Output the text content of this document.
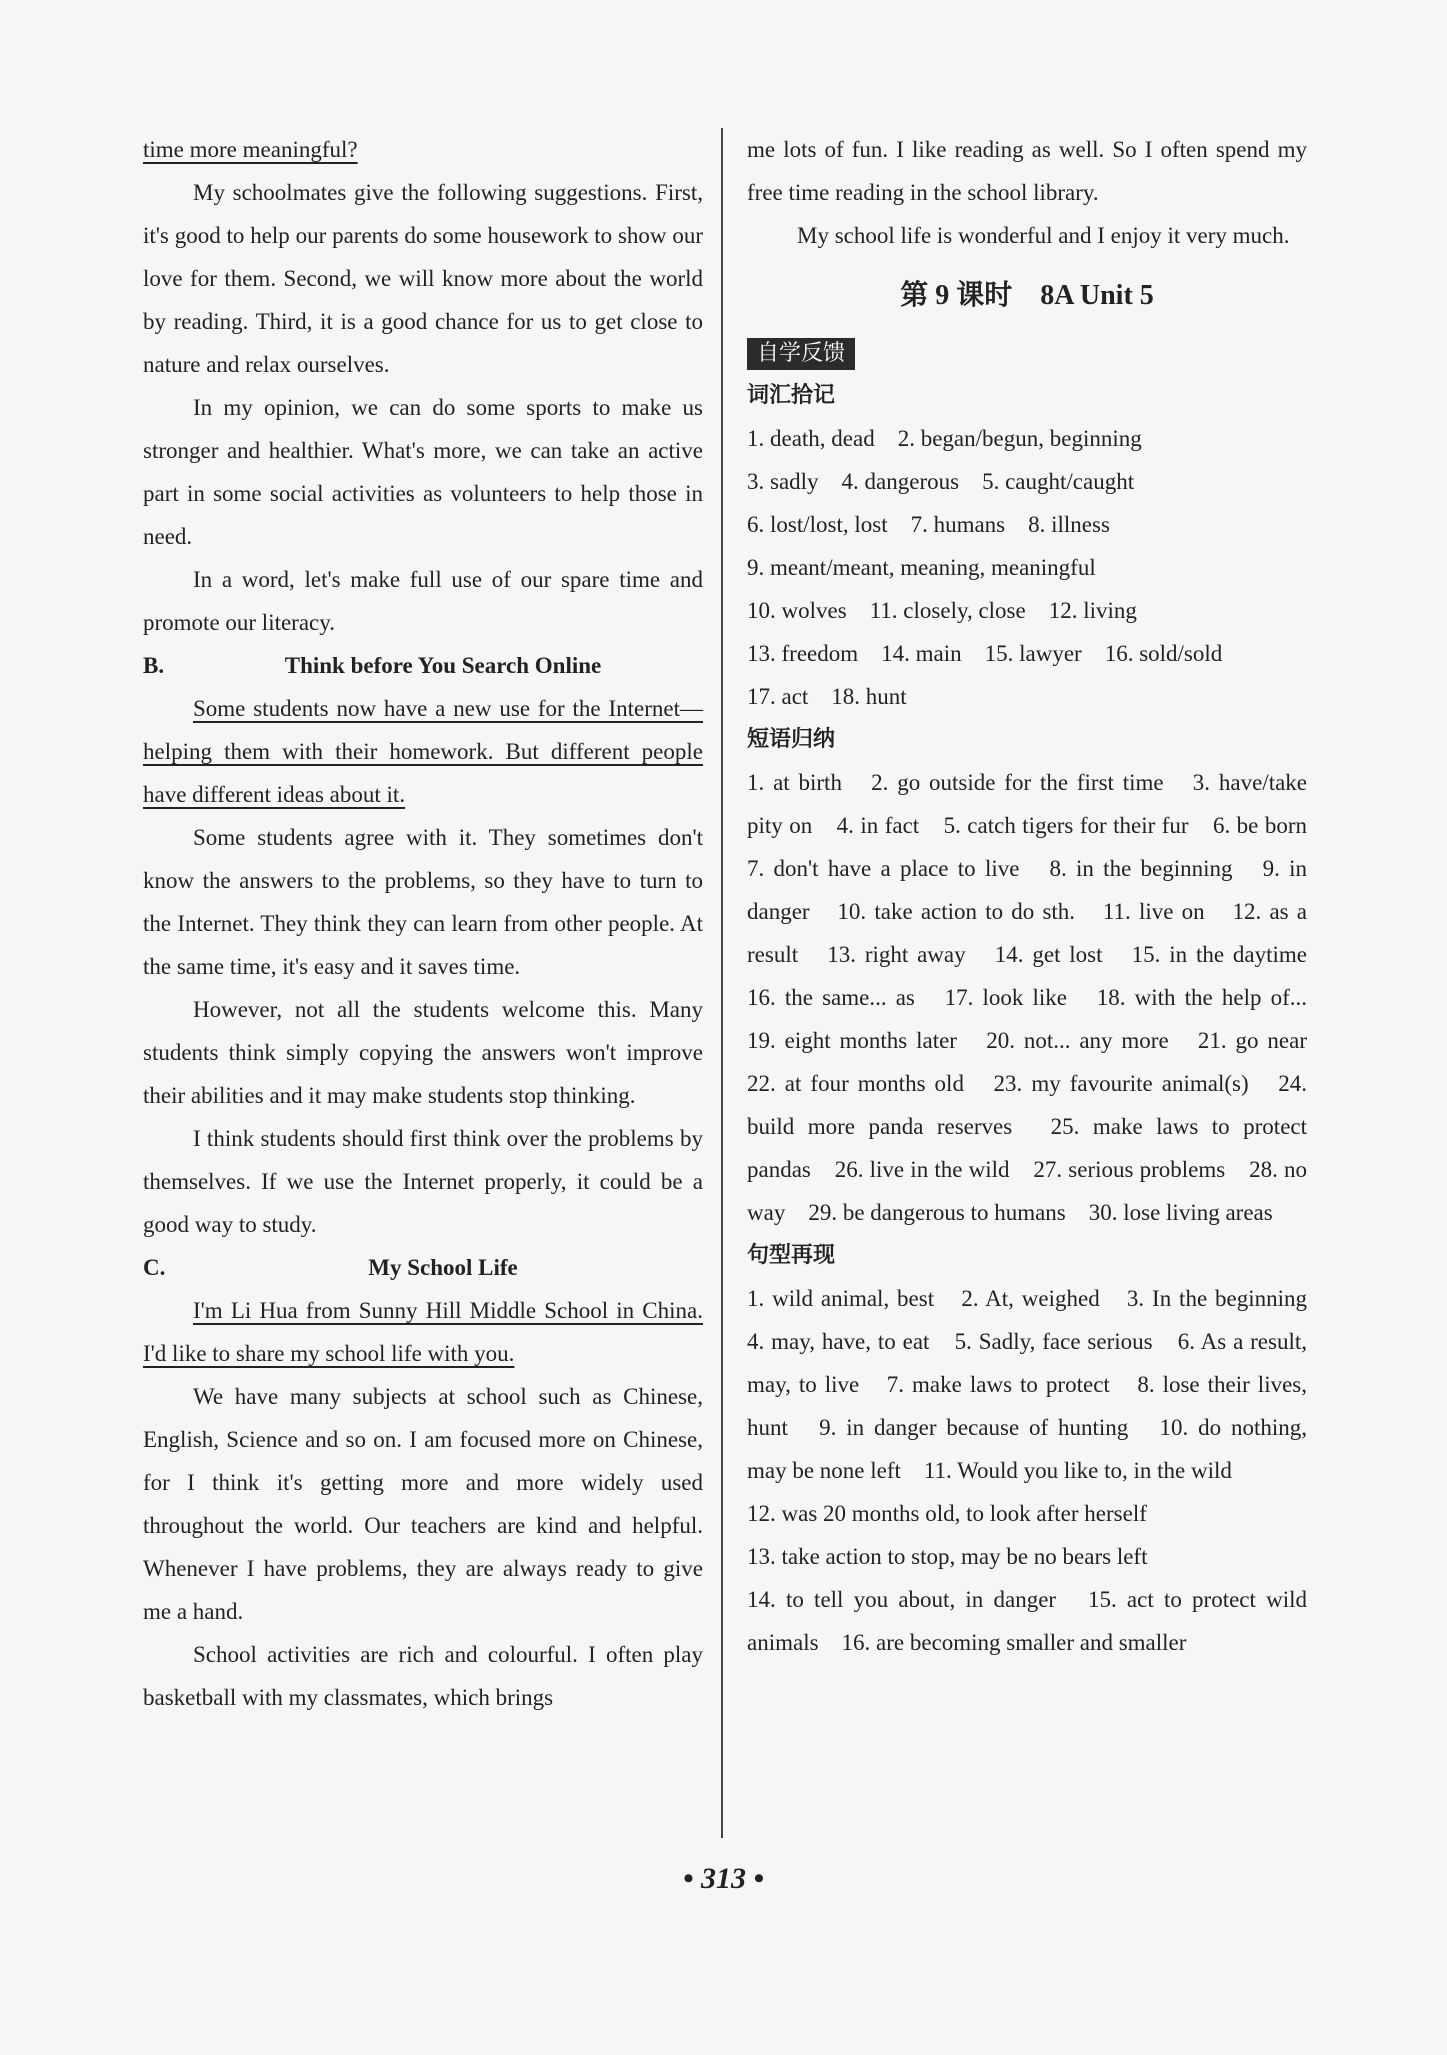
time more meaningful?

My schoolmates give the following suggestions. First, it's good to help our parents do some housework to show our love for them. Second, we will know more about the world by reading. Third, it is a good chance for us to get close to nature and relax ourselves.

In my opinion, we can do some sports to make us stronger and healthier. What's more, we can take an active part in some social activities as volunteers to help those in need.

In a word, let's make full use of our spare time and promote our literacy.

B.	Think before You Search Online

Some students now have a new use for the Internet—helping them with their homework. But different people have different ideas about it.

Some students agree with it. They sometimes don't know the answers to the problems, so they have to turn to the Internet. They think they can learn from other people. At the same time, it's easy and it saves time.

However, not all the students welcome this. Many students think simply copying the answers won't improve their abilities and it may make students stop thinking.

I think students should first think over the problems by themselves. If we use the Internet properly, it could be a good way to study.

C.	My School Life

I'm Li Hua from Sunny Hill Middle School in China. I'd like to share my school life with you.

We have many subjects at school such as Chinese, English, Science and so on. I am focused more on Chinese, for I think it's getting more and more widely used throughout the world. Our teachers are kind and helpful. Whenever I have problems, they are always ready to give me a hand.

School activities are rich and colourful. I often play basketball with my classmates, which brings

me lots of fun. I like reading as well. So I often spend my free time reading in the school library.

My school life is wonderful and I enjoy it very much.

第 9 课时　8A Unit 5
自学反馈
词汇拾记

1. death, dead　2. began/begun, beginning

3. sadly　4. dangerous　5. caught/caught

6. lost/lost, lost　7. humans　8. illness

9. meant/meant, meaning, meaningful

10. wolves　11. closely, close　12. living

13. freedom　14. main　15. lawyer　16. sold/sold

17. act　18. hunt

短语归纳

1. at birth　2. go outside for the first time　3. have/take pity on　4. in fact　5. catch tigers for their fur　6. be born　7. don't have a place to live　8. in the beginning　9. in danger　10. take action to do sth.　11. live on　12. as a result　13. right away　14. get lost　15. in the daytime　16. the same... as　17. look like　18. with the help of...　19. eight months later　20. not... any more　21. go near　22. at four months old　23. my favourite animal(s)　24. build more panda reserves　25. make laws to protect pandas　26. live in the wild　27. serious problems　28. no way　29. be dangerous to humans　30. lose living areas

句型再现

1. wild animal, best　2. At, weighed　3. In the beginning　4. may, have, to eat　5. Sadly, face serious　6. As a result, may, to live　7. make laws to protect　8. lose their lives, hunt　9. in danger because of hunting　10. do nothing, may be none left　11. Would you like to, in the wild

12. was 20 months old, to look after herself

13. take action to stop, may be no bears left

14. to tell you about, in danger　15. act to protect wild animals　16. are becoming smaller and smaller

• 313 •
